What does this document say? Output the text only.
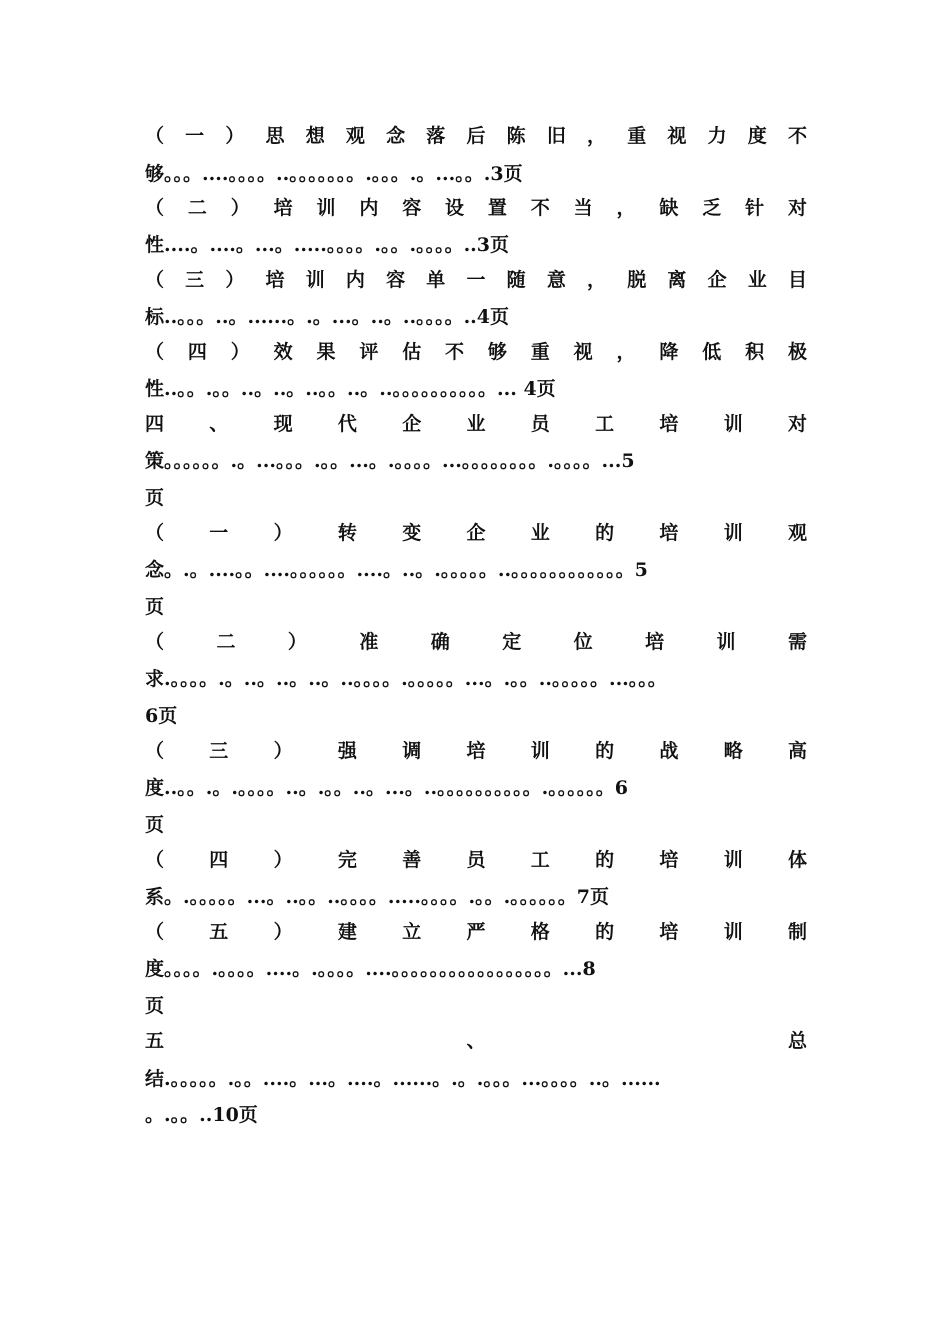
（ 一 ） 思 想 观 念 落 后 陈 旧 ， 重 视 力 度 不
够。。。....。。。。..。。。。。。。.。。。.。...。。.3页
（ 二 ） 培 训 内 容 设 置 不 当 ， 缺 乏 针 对
性....。....。...。.....。。。。.。。.。。。。..3页
（ 三 ） 培 训 内 容 单 一 随 意 ， 脱 离 企 业 目
标..。。。..。......。.。...。..。..。。。。..4页
（ 四 ） 效 果 评 估 不 够 重 视 ， 降 低 积 极
性..。。.。。..。..。..。。..。..。。。。。。。。。。... 4页
四 、 现 代 企 业 员 工 培 训 对
策。。。。。。.。...。。。.。。...。.。。。。...。。。。。。。。.。。。。...5
页
（ 一 ） 转 变 企 业 的 培 训 观
念。.。....。。....。。。。。。....。..。.。。。。。..。。。。。。。。。。。。5
页
（ 二 ） 准 确 定 位 培 训 需
求.。。。。.。..。..。..。..。。。。.。。。。。...。.。。..。。。。。...。。。
6页
（ 三 ） 强 调 培 训 的 战 略 高
度..。。.。.。。。。..。.。。..。...。..。。。。。。。。。。.。。。。。。6
页
（ 四 ） 完 善 员 工 的 培 训 体
系。.。。。。。...。..。。..。。。。.....。。。。.。。.。。。。。。7页
（ 五 ） 建 立 严 格 的 培 训 制
度。。。。.。。。。....。.。。。。....。。。。。。。。。。。。。。。。。...8
页
五 、 总
结.。。。。。.。。....。...。....。......。.。.。。。...。。。。..。......
。.。。..10页
